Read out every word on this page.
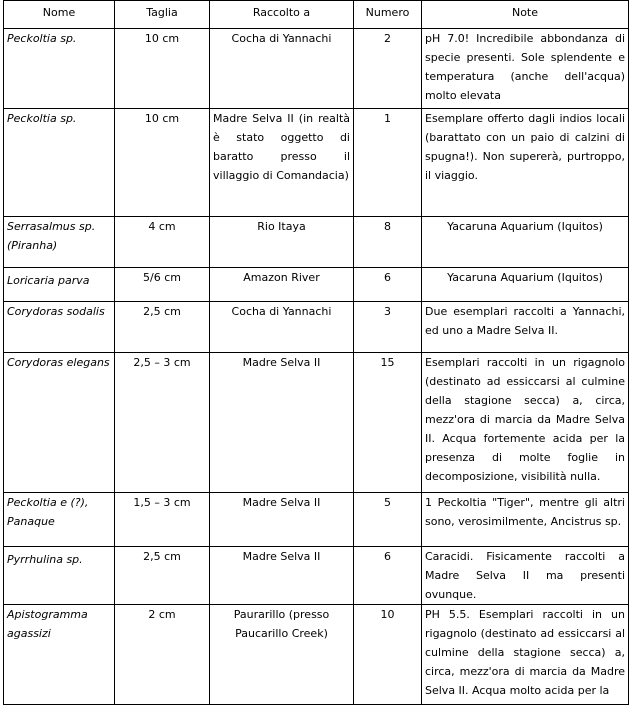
Nome	Taglia	Raccolto a	Numero	Note
Peckoltia sp.	10 cm	Cocha di Yannachi	2	pH 7.0! Incredibile abbondanza di specie presenti. Sole splendente e temperatura (anche dell'acqua) molto elevata
Peckoltia sp.	10 cm	Madre Selva II (in realtà è stato oggetto di baratto presso il villaggio di Comandacia)	1	Esemplare offerto dagli indios locali (barattato con un paio di calzini di spugna!). Non supererà, purtroppo, il viaggio.
Serrasalmus sp. (Piranha)	4 cm	Rio Itaya	8	Yacaruna Aquarium (Iquitos)
Loricaria parva	5/6 cm	Amazon River	6	Yacaruna Aquarium (Iquitos)
Corydoras sodalis	2,5 cm	Cocha di Yannachi	3	Due esemplari raccolti a Yannachi, ed uno a Madre Selva II.
Corydoras elegans	2,5 – 3 cm	Madre Selva II	15	Esemplari raccolti in un rigagnolo (destinato ad essiccarsi al culmine della stagione secca) a, circa, mezz'ora di marcia da Madre Selva II. Acqua fortemente acida per la presenza di molte foglie in decomposizione, visibilità nulla.
Peckoltia e (?), Panaque	1,5 – 3 cm	Madre Selva II	5	1 Peckoltia "Tiger", mentre gli altri sono, verosimilmente, Ancistrus sp.
Pyrrhulina sp.	2,5 cm	Madre Selva II	6	Caracidi. Fisicamente raccolti a Madre Selva II ma presenti ovunque.
Apistogramma agassizi	2 cm	Paurarillo (presso Paucarillo Creek)	10	PH 5.5. Esemplari raccolti in un rigagnolo (destinato ad essiccarsi al culmine della stagione secca) a, circa, mezz'ora di marcia da Madre Selva II. Acqua molto acida per la
